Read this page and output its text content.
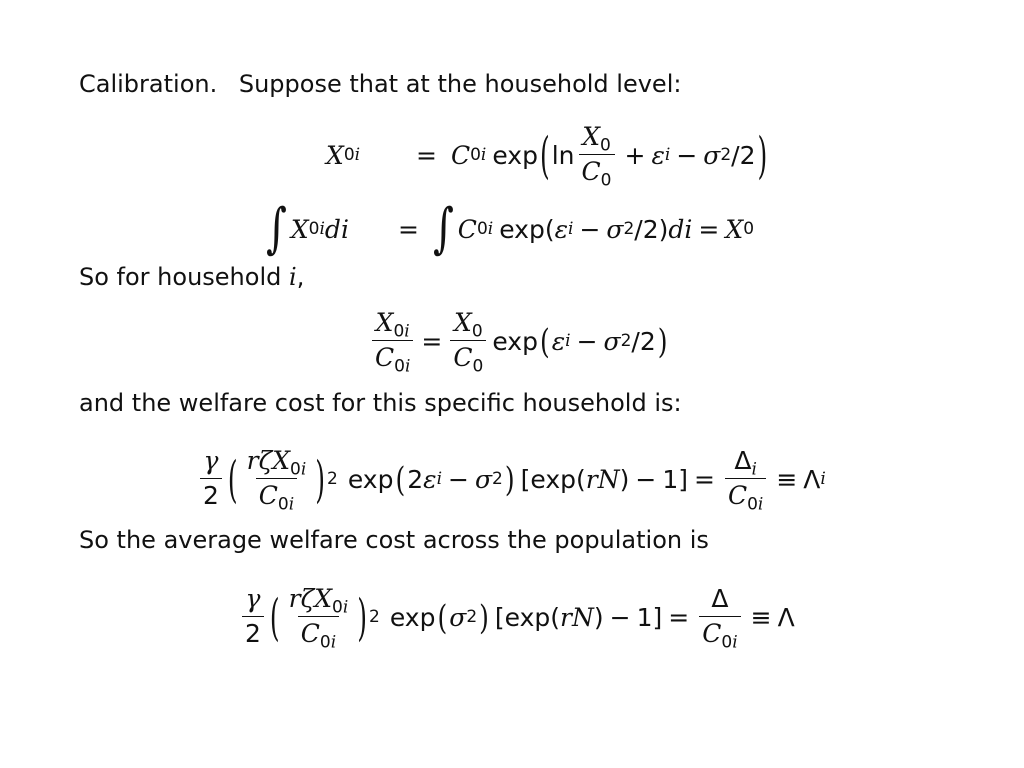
Calibration. Suppose that at the household level:
X 0 i = C 0 i exp ( $\ln \frac{X_0}{C_0} + \varepsilon$ i − σ 2 /2 )
∫ X 0 i d i = ∫ C 0 i exp ( ε i − σ 2 /2 ) d i = X 0
So for household i,
$\frac{X_{0i}}{C_{0i}} = \frac{X_0}{C_0}$ exp ( ε i − σ 2 /2 )
and the welfare cost for this specific household is:
$\frac{\gamma}{2}$ ( $\frac{r\zeta X_{0i}}{C_{0i}}$ ) 2 exp ( 2 ε i − σ 2 ) [ exp ( r N ) − 1 ] = $\frac{\Delta_i}{C_{0i}} \equiv \Lambda$ i
So the average welfare cost across the population is
$\frac{\gamma}{2}$ ( $\frac{r\zeta X_{0i}}{C_{0i}}$ ) 2 exp ( σ 2 ) [ exp ( r N ) − 1 ] = $\frac{\Delta}{C_{0i}} \equiv \Lambda$
